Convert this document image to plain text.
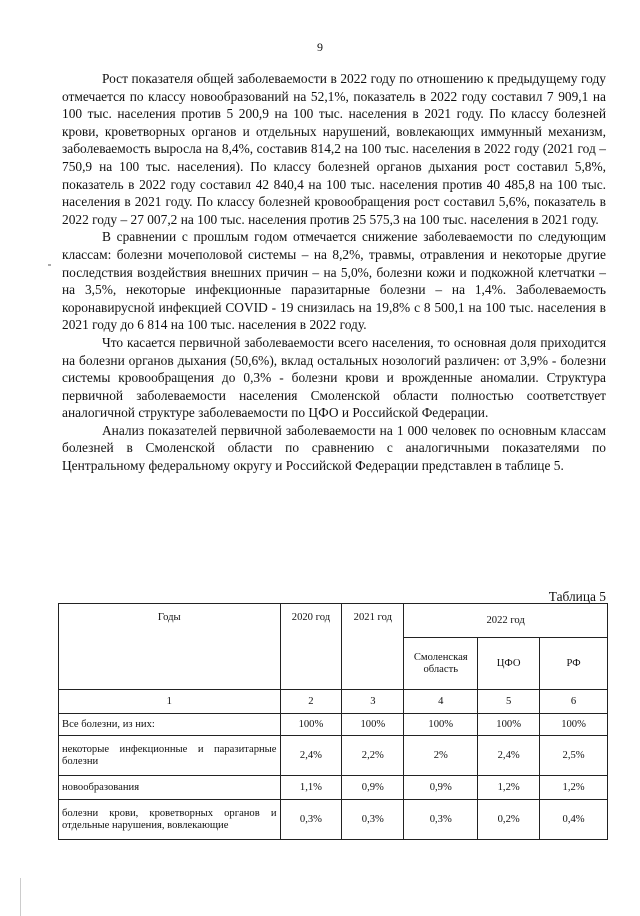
9

Рост показателя общей заболеваемости в 2022 году по отношению к предыдущему году отмечается по классу новообразований на 52,1%, показатель в 2022 году составил 7 909,1 на 100 тыс. населения против 5 200,9 на 100 тыс. населения в 2021 году. По классу болезней крови, кроветворных органов и отдельных нарушений, вовлекающих иммунный механизм, заболеваемость выросла на 8,4%, составив 814,2 на 100 тыс. населения в 2022 году (2021 год – 750,9 на 100 тыс. населения). По классу болезней органов дыхания рост составил 5,8%, показатель в 2022 году составил 42 840,4 на 100 тыс. населения против 40 485,8 на 100 тыс. населения в 2021 году. По классу болезней кровообращения рост составил 5,6%, показатель в 2022 году – 27 007,2 на 100 тыс. населения против 25 575,3 на 100 тыс. населения в 2021 году.

В сравнении с прошлым годом отмечается снижение заболеваемости по следующим классам: болезни мочеполовой системы – на 8,2%, травмы, отравления и некоторые другие последствия воздействия внешних причин – на 5,0%, болезни кожи и подкожной клетчатки – на 3,5%, некоторые инфекционные паразитарные болезни – на 1,4%. Заболеваемость коронавирусной инфекцией COVID - 19 снизилась на 19,8% с 8 500,1 на 100 тыс. населения в 2021 году до 6 814 на 100 тыс. населения в 2022 году.

Что касается первичной заболеваемости всего населения, то основная доля приходится на болезни органов дыхания (50,6%), вклад остальных нозологий различен: от 3,9% - болезни системы кровообращения до 0,3% - болезни крови и врожденные аномалии. Структура первичной заболеваемости населения Смоленской области полностью соответствует аналогичной структуре заболеваемости по ЦФО и Российской Федерации.

Анализ показателей первичной заболеваемости на 1 000 человек по основным классам болезней в Смоленской области по сравнению с аналогичными показателями по Центральному федеральному округу и Российской Федерации представлен в таблице 5.

Таблица 5
Годы	2020 год	2021 год	2022 год		
			Смоленская область	ЦФО	РФ
1	2	3	4	5	6
Все болезни, из них:	100%	100%	100%	100%	100%
некоторые инфекционные и паразитарные болезни	2,4%	2,2%	2%	2,4%	2,5%
новообразования	1,1%	0,9%	0,9%	1,2%	1,2%
болезни крови, кроветворных органов и отдельные нарушения, вовлекающие	0,3%	0,3%	0,3%	0,2%	0,4%
